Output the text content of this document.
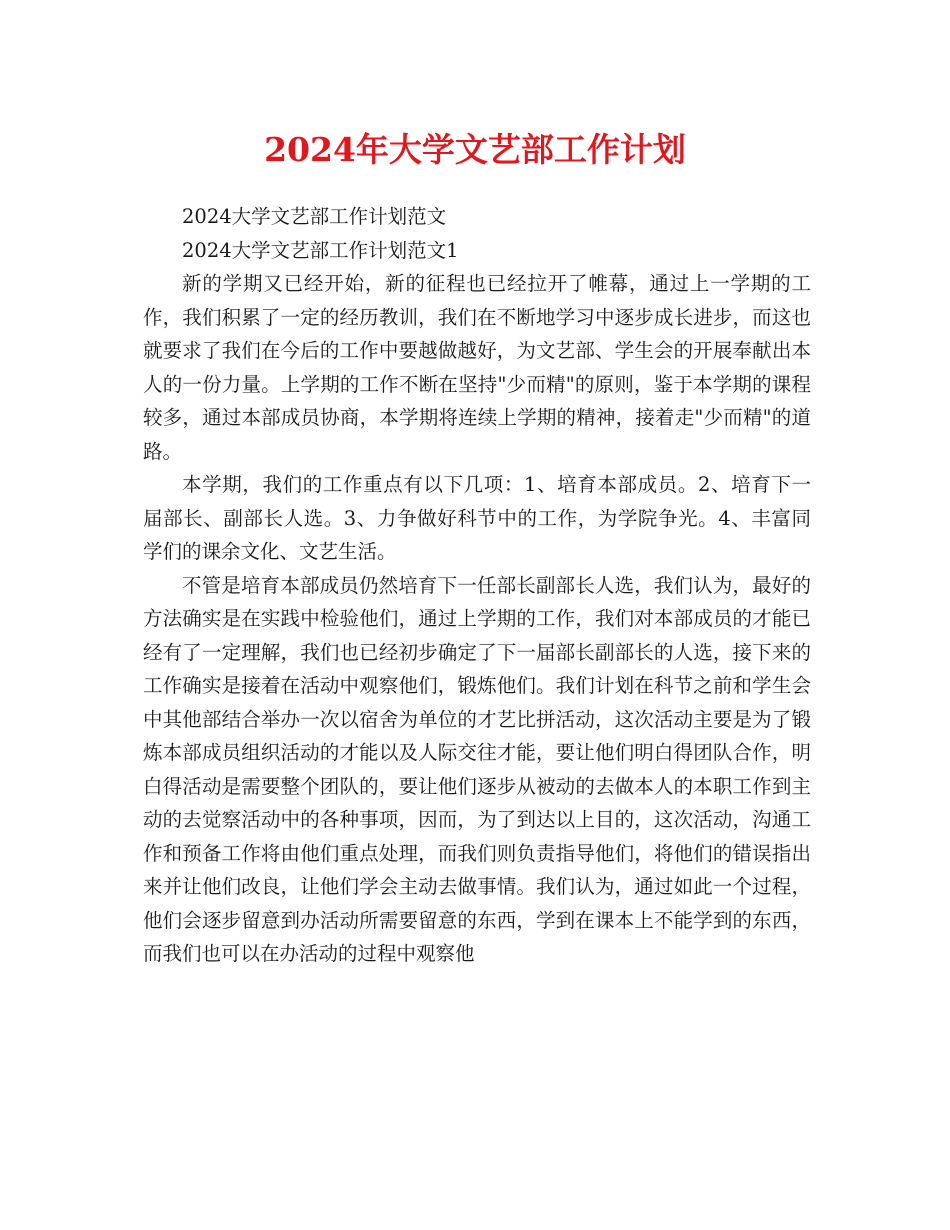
2024年大学文艺部工作计划

2024大学文艺部工作计划范文

2024大学文艺部工作计划范文1

新的学期又已经开始，新的征程也已经拉开了帷幕，通过上一学期的工作，我们积累了一定的经历教训，我们在不断地学习中逐步成长进步，而这也就要求了我们在今后的工作中要越做越好，为文艺部、学生会的开展奉献出本人的一份力量。上学期的工作不断在坚持"少而精"的原则，鉴于本学期的课程较多，通过本部成员协商，本学期将连续上学期的精神，接着走"少而精"的道路。

本学期，我们的工作重点有以下几项：1、培育本部成员。2、培育下一届部长、副部长人选。3、力争做好科节中的工作，为学院争光。4、丰富同学们的课余文化、文艺生活。

不管是培育本部成员仍然培育下一任部长副部长人选，我们认为，最好的方法确实是在实践中检验他们，通过上学期的工作，我们对本部成员的才能已经有了一定理解，我们也已经初步确定了下一届部长副部长的人选，接下来的工作确实是接着在活动中观察他们，锻炼他们。我们计划在科节之前和学生会中其他部结合举办一次以宿舍为单位的才艺比拼活动，这次活动主要是为了锻炼本部成员组织活动的才能以及人际交往才能，要让他们明白得团队合作，明白得活动是需要整个团队的，要让他们逐步从被动的去做本人的本职工作到主动的去觉察活动中的各种事项，因而，为了到达以上目的，这次活动，沟通工作和预备工作将由他们重点处理，而我们则负责指导他们，将他们的错误指出来并让他们改良，让他们学会主动去做事情。我们认为，通过如此一个过程，他们会逐步留意到办活动所需要留意的东西，学到在课本上不能学到的东西，而我们也可以在办活动的过程中观察他
